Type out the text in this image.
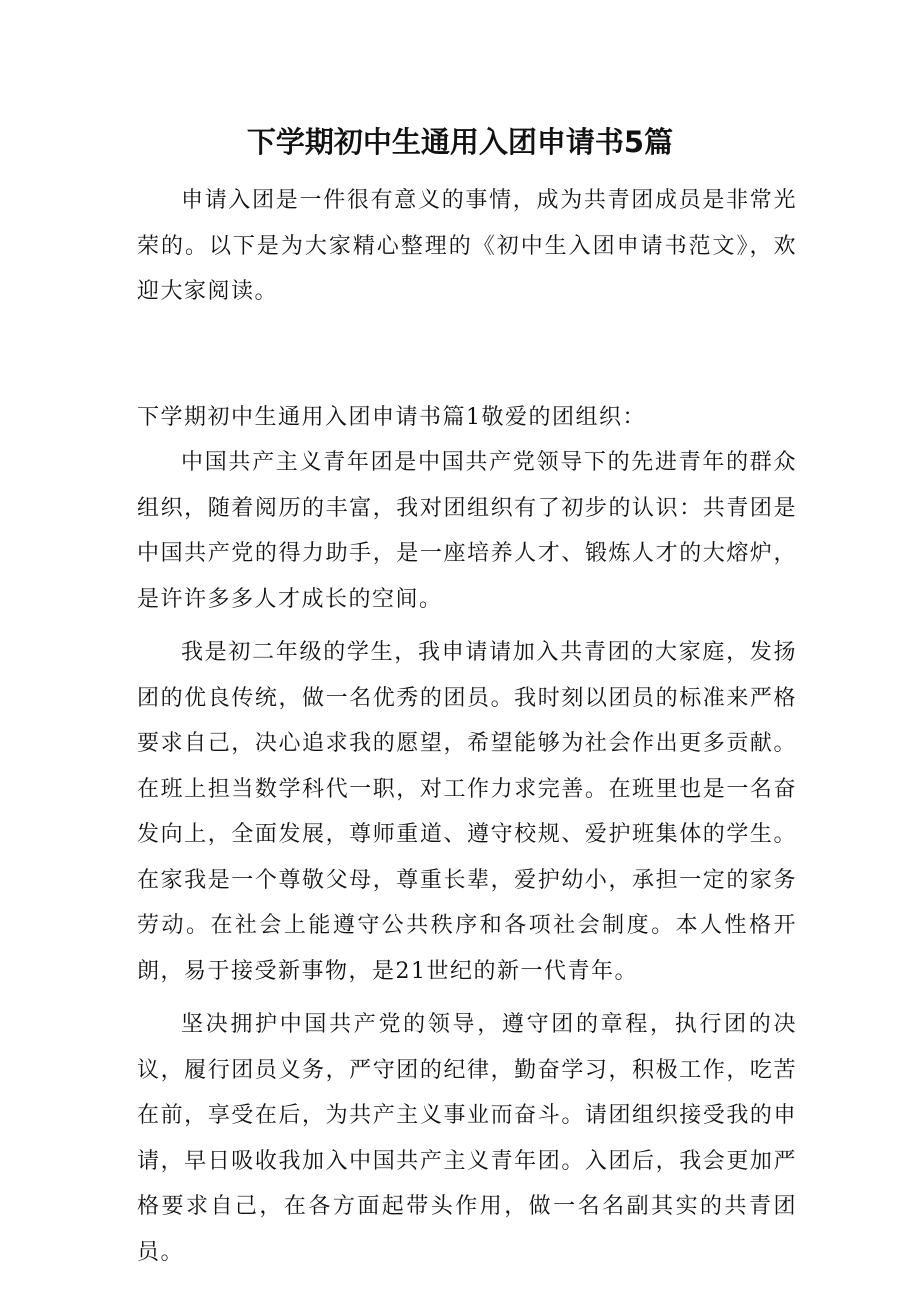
下学期初中生通用入团申请书5篇

申请入团是一件很有意义的事情，成为共青团成员是非常光荣的。以下是为大家精心整理的《初中生入团申请书范文》，欢迎大家阅读。

下学期初中生通用入团申请书篇1敬爱的团组织：

中国共产主义青年团是中国共产党领导下的先进青年的群众组织，随着阅历的丰富，我对团组织有了初步的认识：共青团是中国共产党的得力助手，是一座培养人才、锻炼人才的大熔炉，是许许多多人才成长的空间。

我是初二年级的学生，我申请请加入共青团的大家庭，发扬团的优良传统，做一名优秀的团员。我时刻以团员的标准来严格要求自己，决心追求我的愿望，希望能够为社会作出更多贡献。在班上担当数学科代一职，对工作力求完善。在班里也是一名奋发向上，全面发展，尊师重道、遵守校规、爱护班集体的学生。在家我是一个尊敬父母，尊重长辈，爱护幼小，承担一定的家务劳动。在社会上能遵守公共秩序和各项社会制度。本人性格开朗，易于接受新事物，是21世纪的新一代青年。

坚决拥护中国共产党的领导，遵守团的章程，执行团的决议，履行团员义务，严守团的纪律，勤奋学习，积极工作，吃苦在前，享受在后，为共产主义事业而奋斗。请团组织接受我的申请，早日吸收我加入中国共产主义青年团。入团后，我会更加严格要求自己，在各方面起带头作用，做一名名副其实的共青团员。
